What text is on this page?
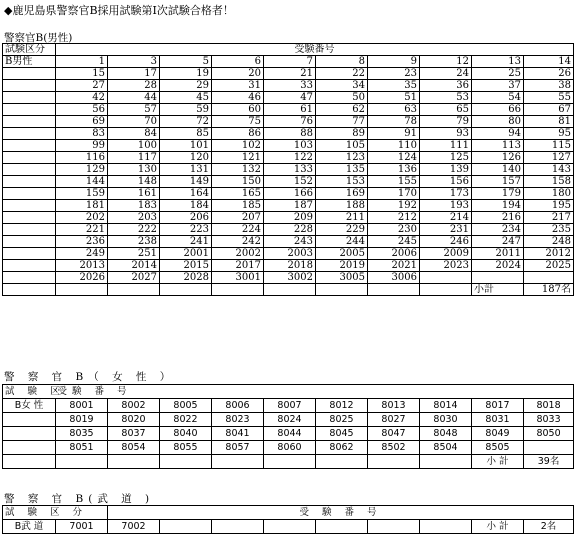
◆鹿児島県警察官B採用試験第Ⅰ次試験合格者！
警察官B(男性)
試験区分	受験番号									
B男性	1	3	5	6	7	8	9	12	13	14
	15	17	19	20	21	22	23	24	25	26
	27	28	29	31	33	34	35	36	37	38
	42	44	45	46	47	50	51	53	54	55
	56	57	59	60	61	62	63	65	66	67
	69	70	72	75	76	77	78	79	80	81
	83	84	85	86	88	89	91	93	94	95
	99	100	101	102	103	105	110	111	113	115
	116	117	120	121	122	123	124	125	126	127
	129	130	131	132	133	135	136	139	140	143
	144	148	149	150	152	153	155	156	157	158
	159	161	164	165	166	169	170	173	179	180
	181	183	184	185	187	188	192	193	194	195
	202	203	206	207	209	211	212	214	216	217
	221	222	223	224	228	229	230	231	234	235
	236	238	241	242	243	244	245	246	247	248
	249	251	2001	2002	2003	2005	2006	2009	2011	2012
	2013	2014	2015	2017	2018	2019	2021	2023	2024	2025
	2026	2027	2028	3001	3002	3005	3006			
									小計	187名
警 察 官 B（ 女 性 ）
試 験 区	受験 番 号									
B女 性	8001	8002	8005	8006	8007	8012	8013	8014	8017	8018
	8019	8020	8022	8023	8024	8025	8027	8030	8031	8033
	8035	8037	8040	8041	8044	8045	8047	8048	8049	8050
	8051	8054	8055	8057	8060	8062	8502	8504	8505	
									小 計	39名
警 察 官 B(武 道 )
試 験 区 分		受 験 番 号								
B武 道	7001	7002							小 計	2名
